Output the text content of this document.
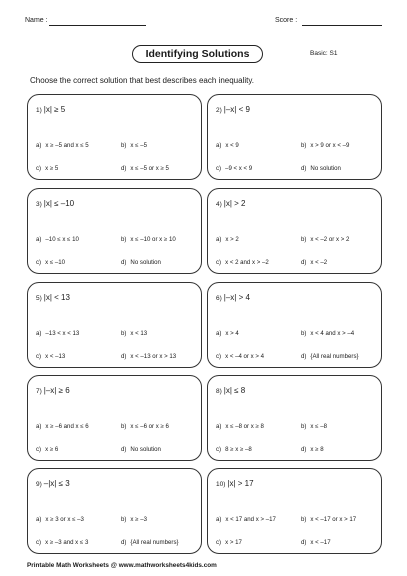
Name :	Score :
Identifying Solutions	Basic: S1
Choose the correct solution that best describes each inequality.
1) |x| ≥ 5
a) x ≥ –5 and x ≤ 5	b) x ≤ –5
c) x ≥ 5	d) x ≤ –5 or x ≥ 5
2) |–x| < 9
a) x < 9	b) x > 9 or x < –9
c) –9 < x < 9	d) No solution
3) |x| ≤ –10
a) –10 ≤ x ≤ 10	b) x ≤ –10 or x ≥ 10
c) x ≤ –10	d) No solution
4) |x| > 2
a) x > 2	b) x < –2 or x > 2
c) x < 2 and x > –2	d) x < –2
5) |x| < 13
a) –13 < x < 13	b) x < 13
c) x < –13	d) x < –13 or x > 13
6) |–x| > 4
a) x > 4	b) x < 4 and x > –4
c) x < –4 or x > 4	d) {All real numbers}
7) |–x| ≥ 6
a) x ≥ –6 and x ≤ 6	b) x ≤ –6 or x ≥ 6
c) x ≥ 6	d) No solution
8) |x| ≤ 8
a) x ≤ –8 or x ≥ 8	b) x ≤ –8
c) 8 ≥ x ≥ –8	d) x ≥ 8
9) –|x| ≤ 3
a) x ≥ 3 or x ≤ –3	b) x ≥ –3
c) x ≥ –3 and x ≤ 3	d) {All real numbers}
10) |x| > 17
a) x < 17 and x > –17	b) x < –17 or x > 17
c) x > 17	d) x < –17
Printable Math Worksheets @ www.mathworksheets4kids.com
